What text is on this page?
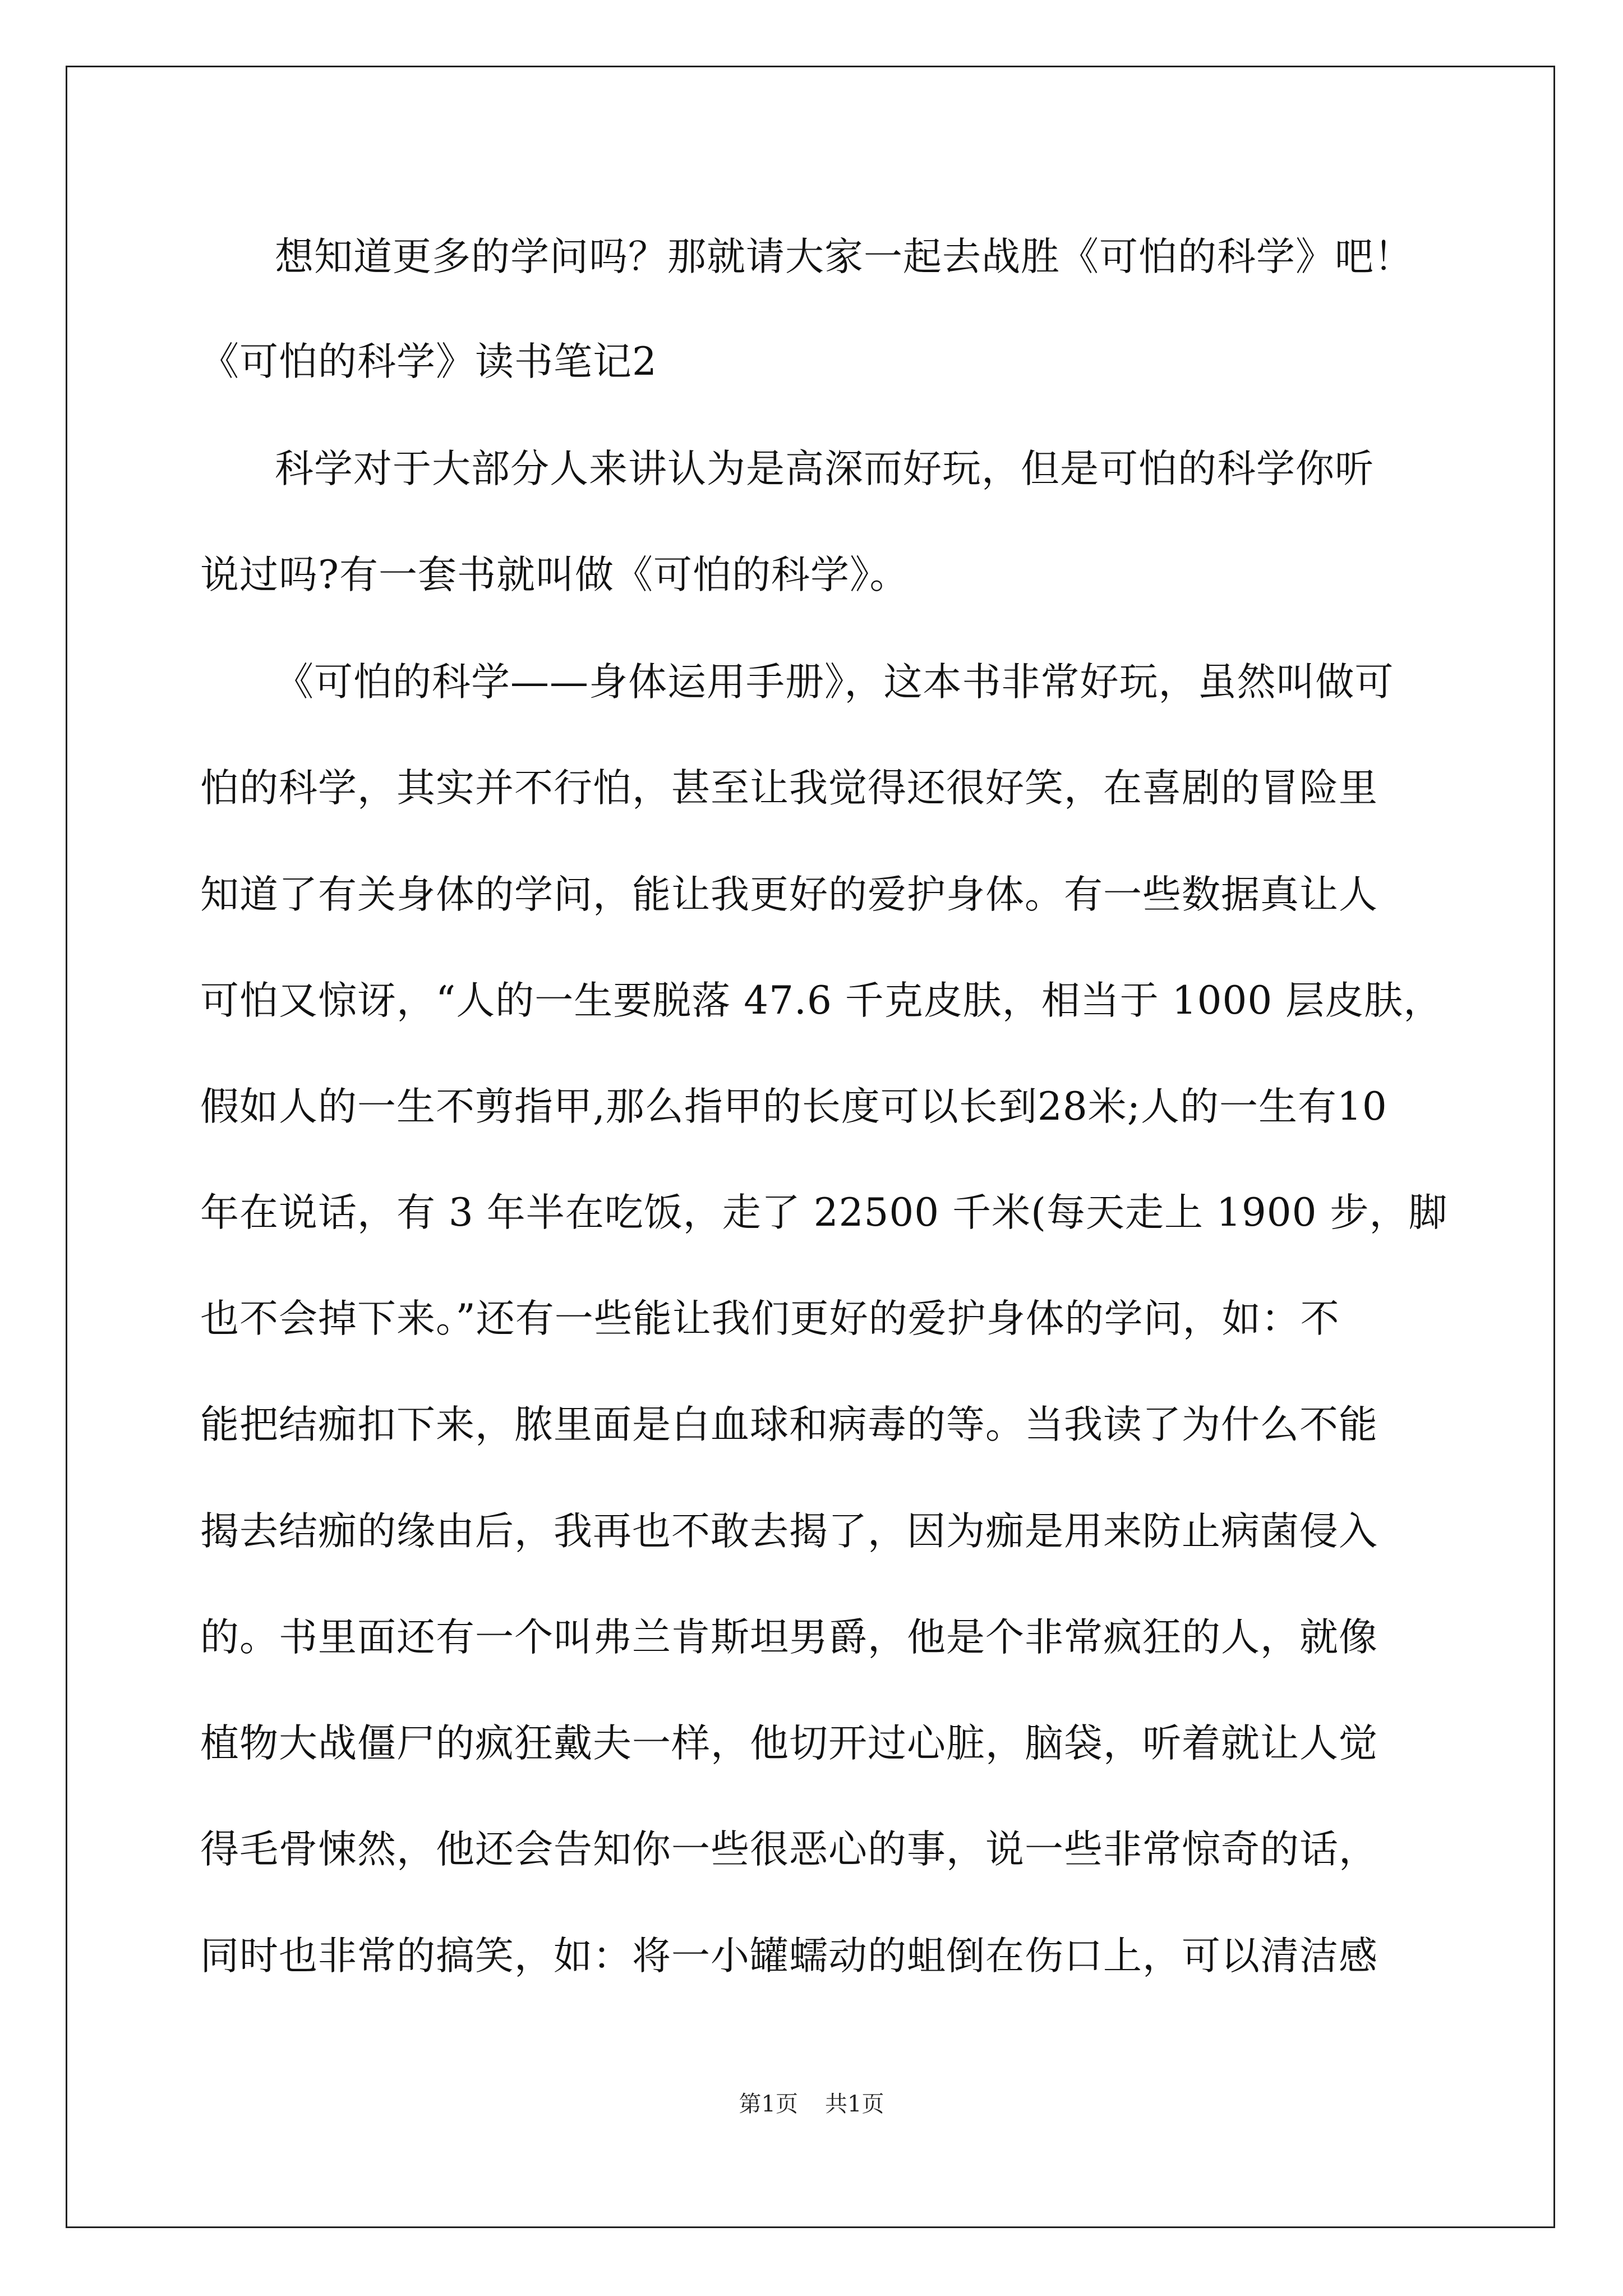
想知道更多的学问吗？那就请大家一起去战胜《可怕的科学》吧！
《可怕的科学》读书笔记2
科学对于大部分人来讲认为是高深而好玩，但是可怕的科学你听
说过吗?有一套书就叫做《可怕的科学》。
《可怕的科学——身体运用手册》，这本书非常好玩，虽然叫做可
怕的科学，其实并不行怕，甚至让我觉得还很好笑，在喜剧的冒险里
知道了有关身体的学问，能让我更好的爱护身体。有一些数据真让人
可怕又惊讶，“人的一生要脱落 47.6 千克皮肤，相当于 1000 层皮肤，
假如人的一生不剪指甲,那么指甲的长度可以长到28米;人的一生有10
年在说话，有 3 年半在吃饭，走了 22500 千米(每天走上 1900 步，脚
也不会掉下来。”还有一些能让我们更好的爱护身体的学问，如：不
能把结痂扣下来，脓里面是白血球和病毒的等。当我读了为什么不能
揭去结痂的缘由后，我再也不敢去揭了，因为痂是用来防止病菌侵入
的。书里面还有一个叫弗兰肯斯坦男爵，他是个非常疯狂的人，就像
植物大战僵尸的疯狂戴夫一样，他切开过心脏，脑袋，听着就让人觉
得毛骨悚然，他还会告知你一些很恶心的事，说一些非常惊奇的话，
同时也非常的搞笑，如：将一小罐蠕动的蛆倒在伤口上，可以清洁感
第1页 共1页
